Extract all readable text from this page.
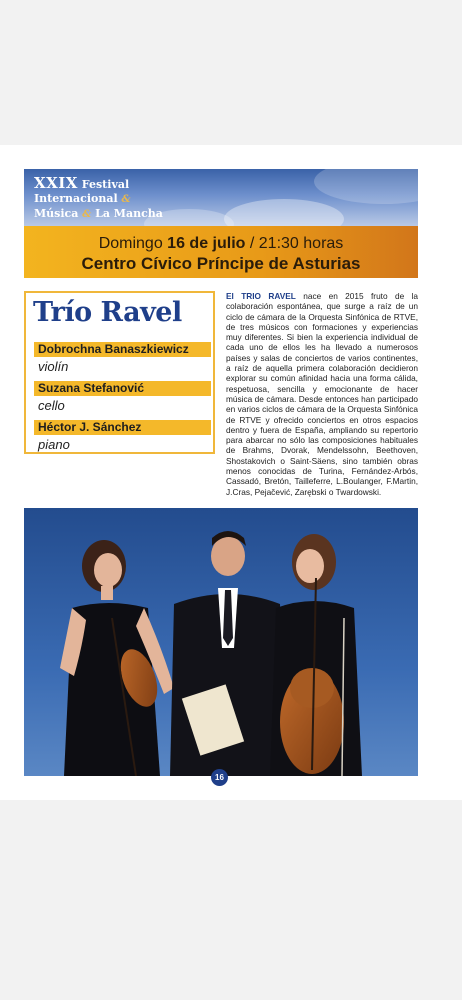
XXIX Festival
Internacional &
Música & La Mancha
Domingo 16 de julio / 21:30 horas
Centro Cívico Príncipe de Asturias
Trío Ravel
Dobrochna Banaszkiewicz
violín
Suzana Stefanović
cello
Héctor J. Sánchez
piano
El TRIO RAVEL nace en 2015 fruto de la colaboración espontánea, que surge a raíz de un ciclo de cámara de la Orquesta Sinfónica de RTVE, de tres músicos con formaciones y experiencias muy diferentes. Si bien la experiencia individual de cada uno de ellos les ha llevado a numerosos países y salas de conciertos de varios continentes, a raíz de aquella primera colaboración decidieron explorar su común afinidad hacia una forma cálida, respetuosa, sencilla y emocionante de hacer música de cámara. Desde entonces han participado en varios ciclos de cámara de la Orquesta Sinfónica de RTVE y ofrecido conciertos en otros espacios dentro y fuera de España, ampliando su repertorio para abarcar no sólo las composiciones habituales de Brahms, Dvorak, Mendelssohn, Beethoven, Shostakovich o Saint-Säens, sino también obras menos conocidas de Turina, Fernández-Arbós, Cassadó, Bretón, Tailleferre, L.Boulanger, F.Martin, J.Cras, Pejačević, Zarębski o Twardowski.
16
